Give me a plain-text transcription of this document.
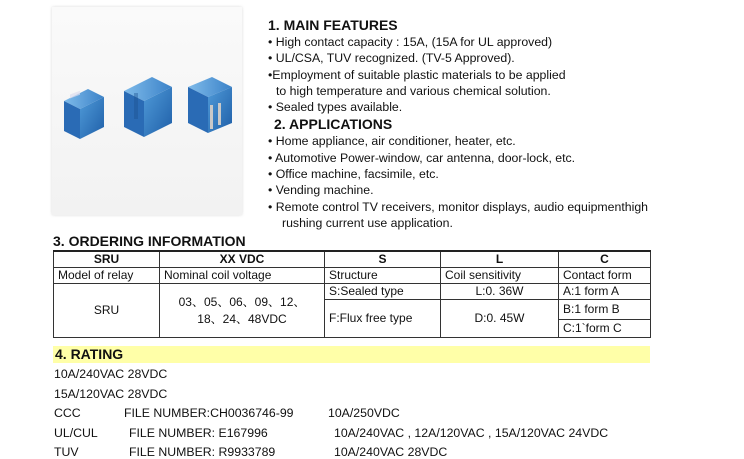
1. MAIN FEATURES
• High contact capacity : 15A, (15A for UL approved)
• UL/CSA, TUV recognized. (TV-5 Approved).
•Employment of suitable plastic materials to be applied
to high temperature and various chemical solution.
• Sealed types available.
2. APPLICATIONS
• Home appliance, air conditioner, heater, etc.
• Automotive Power-window, car antenna, door-lock, etc.
• Office machine, facsimile, etc.
• Vending machine.
• Remote control TV receivers, monitor displays, audio equipmenthigh
rushing current use application.
3. ORDERING INFORMATION
SRU	XX VDC	S	L	C
Model of relay	Nominal coil voltage	Structure	Coil sensitivity	Contact form
SRU	03、05、06、09、12、18、24、48VDC	S:Sealed type	L:0. 36W	A:1 form A
		F:Flux free type	D:0. 45W	B:1 form B
				C:1`form C
4. RATING
10A/240VAC 28VDC
15A/120VAC 28VDC
CCC	FILE NUMBER:CH0036746-99	10A/250VDC
UL/CUL	FILE NUMBER: E167996	10A/240VAC , 12A/120VAC , 15A/120VAC 24VDC
TUV	FILE NUMBER: R9933789	10A/240VAC 28VDC
